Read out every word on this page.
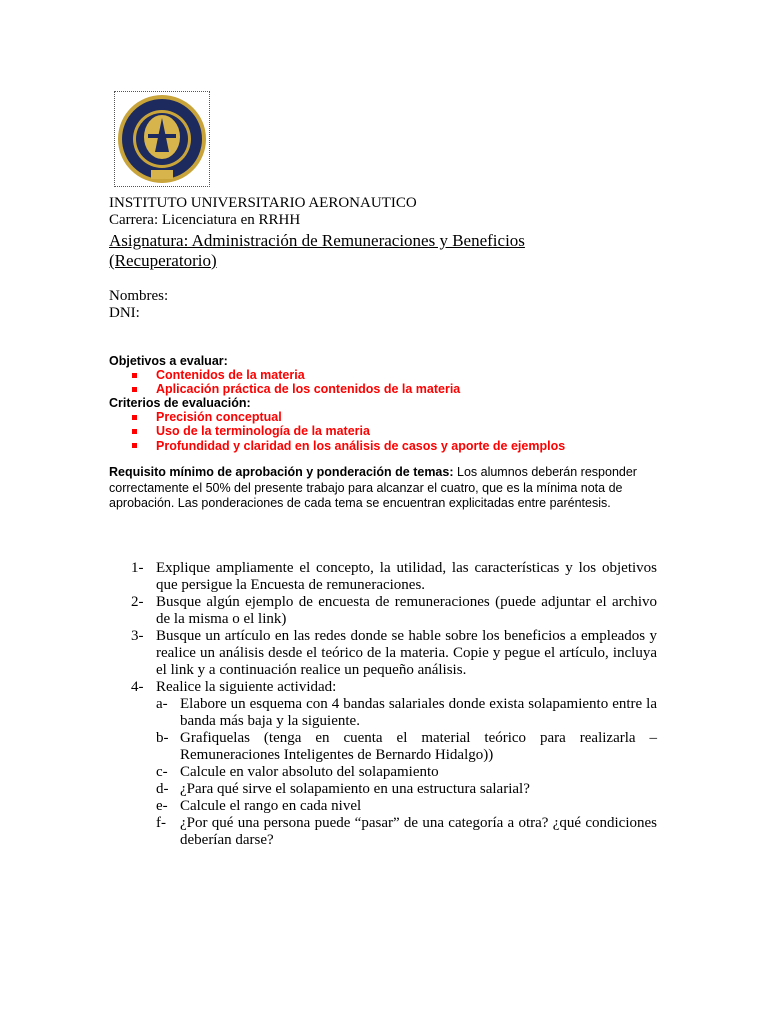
INSTITUTO UNIVERSITARIO AERONAUTICO
Carrera: Licenciatura en RRHH
Asignatura: Administración de Remuneraciones y Beneficios
(Recuperatorio)
Nombres:
DNI:
Objetivos a evaluar:
Contenidos de la materia
Aplicación práctica de los contenidos de la materia
Criterios de evaluación:
Precisión conceptual
Uso de la terminología de la materia
Profundidad y claridad en los análisis de casos y aporte de ejemplos
Requisito mínimo de aprobación y ponderación de temas: Los alumnos deberán responder correctamente el 50% del presente trabajo para alcanzar el cuatro, que es la mínima nota de aprobación. Las ponderaciones de cada tema se encuentran explicitadas entre paréntesis.
1- Explique ampliamente el concepto, la utilidad, las características y los objetivos que persigue la Encuesta de remuneraciones.
2- Busque algún ejemplo de encuesta de remuneraciones (puede adjuntar el archivo de la misma o el link)
3- Busque un artículo en las redes donde se hable sobre los beneficios a empleados y realice un análisis desde el teórico de la materia. Copie y pegue el artículo, incluya el link y a continuación realice un pequeño análisis.
4- Realice la siguiente actividad:
a- Elabore un esquema con 4 bandas salariales donde exista solapamiento entre la banda más baja y la siguiente.
b- Grafiquelas (tenga en cuenta el material teórico para realizarla – Remuneraciones Inteligentes de Bernardo Hidalgo))
c- Calcule en valor absoluto del solapamiento
d- ¿Para qué sirve el solapamiento en una estructura salarial?
e- Calcule el rango en cada nivel
f- ¿Por qué una persona puede “pasar” de una categoría a otra? ¿qué condiciones deberían darse?
